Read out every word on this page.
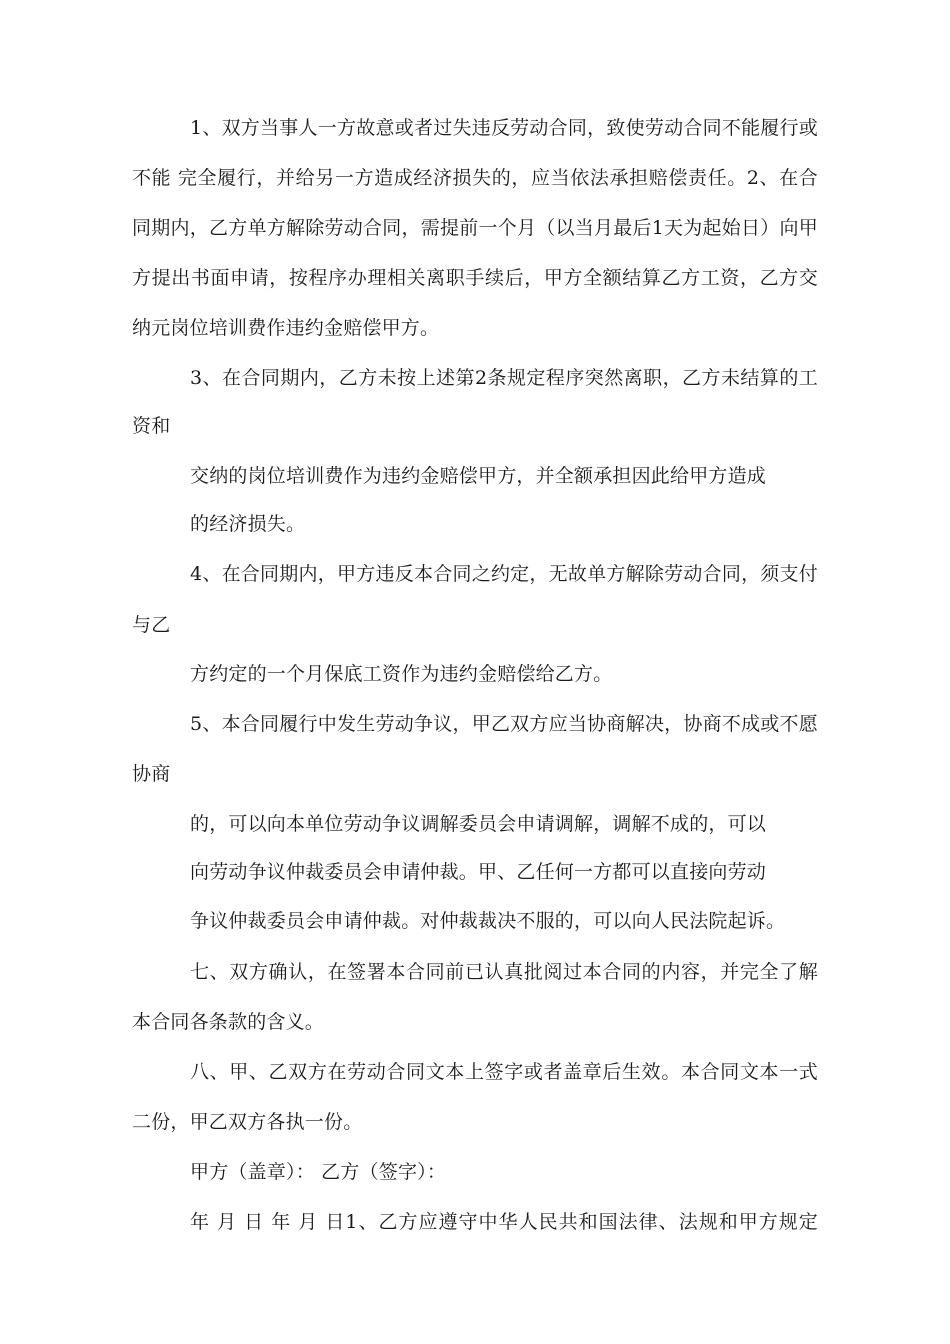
1、双方当事人一方故意或者过失违反劳动合同，致使劳动合同不能履行或
不能 完全履行，并给另一方造成经济损失的，应当依法承担赔偿责任。2、在合
同期内，乙方单方解除劳动合同，需提前一个月（以当月最后1天为起始日）向甲
方提出书面申请，按程序办理相关离职手续后，甲方全额结算乙方工资，乙方交
纳元岗位培训费作违约金赔偿甲方。
3、在合同期内，乙方未按上述第2条规定程序突然离职，乙方未结算的工
资和
交纳的岗位培训费作为违约金赔偿甲方，并全额承担因此给甲方造成
的经济损失。
4、在合同期内，甲方违反本合同之约定，无故单方解除劳动合同，须支付
与乙
方约定的一个月保底工资作为违约金赔偿给乙方。
5、本合同履行中发生劳动争议，甲乙双方应当协商解决，协商不成或不愿
协商
的，可以向本单位劳动争议调解委员会申请调解，调解不成的，可以
向劳动争议仲裁委员会申请仲裁。甲、乙任何一方都可以直接向劳动
争议仲裁委员会申请仲裁。对仲裁裁决不服的，可以向人民法院起诉。
七、双方确认，在签署本合同前已认真批阅过本合同的内容，并完全了解
本合同各条款的含义。
八、甲、乙双方在劳动合同文本上签字或者盖章后生效。本合同文本一式
二份，甲乙双方各执一份。
甲方（盖章）： 乙方（签字）：
年 月 日 年 月 日1、乙方应遵守中华人民共和国法律、法规和甲方规定
